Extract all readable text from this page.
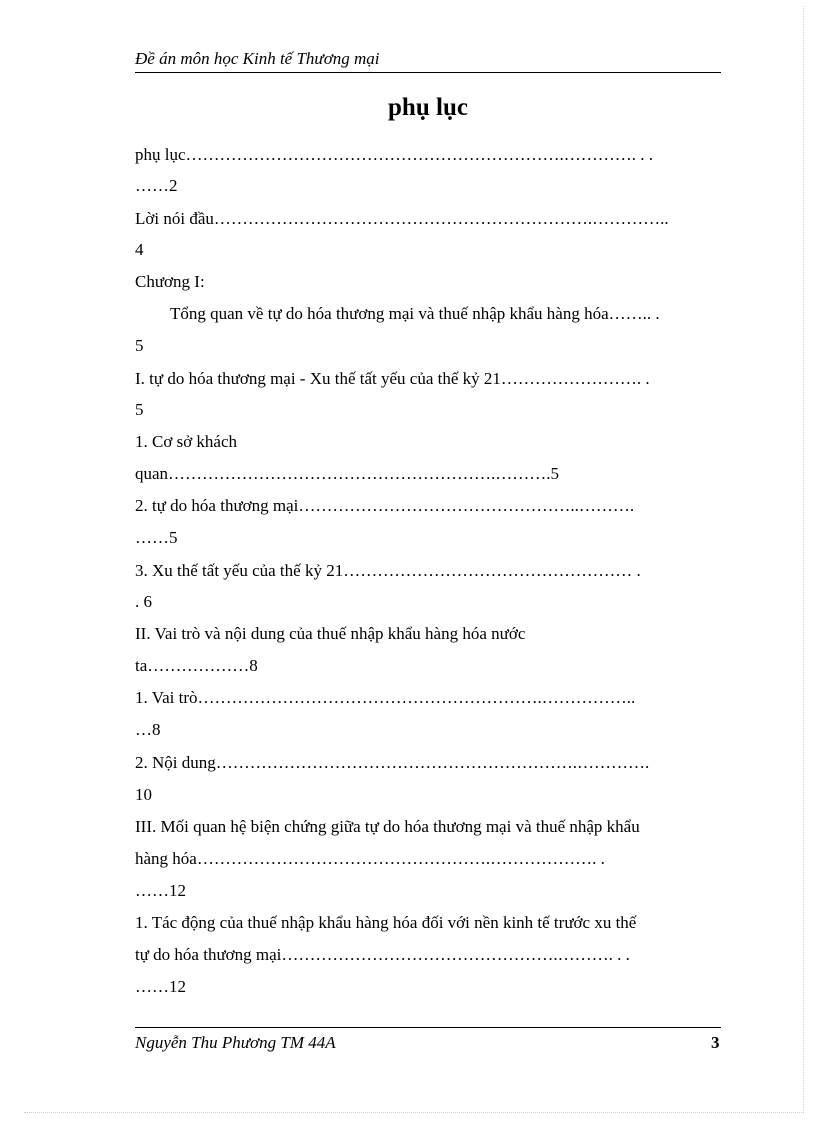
Đề án môn học Kinh tế Thương mại
phụ lục
phụ lục………………………………………………………….…………. . .
……2
Lời nói đầu………………………………………………………….…………..
4
Chương I:
Tổng quan về tự do hóa thương mại và thuế nhập khẩu hàng hóa…….. .
5
I. tự do hóa thương mại - Xu thế tất yếu của thế kỷ 21……………………. .
5
1. Cơ sở khách
quan………………………………………………….……….5
2. tự do hóa thương mại…………………………………………..……….
……5
3. Xu thế tất yếu của thế kỷ 21…………………………………………… .
. 6
II. Vai trò và nội dung của thuế nhập khẩu hàng hóa nước
ta………………8
1. Vai trò…………………………………………………….……………..
…8
2. Nội dung……………………………………………………….………….
10
III. Mối quan hệ biện chứng giữa tự do hóa thương mại và thuế nhập khẩu
hàng hóa…………………………………………….………………. .
……12
1. Tác động của thuế nhập khẩu hàng hóa đối với nền kinh tế trước xu thế
tự do hóa thương mại………………………………………….………. . .
……12
Nguyễn Thu Phương TM 44A	3
